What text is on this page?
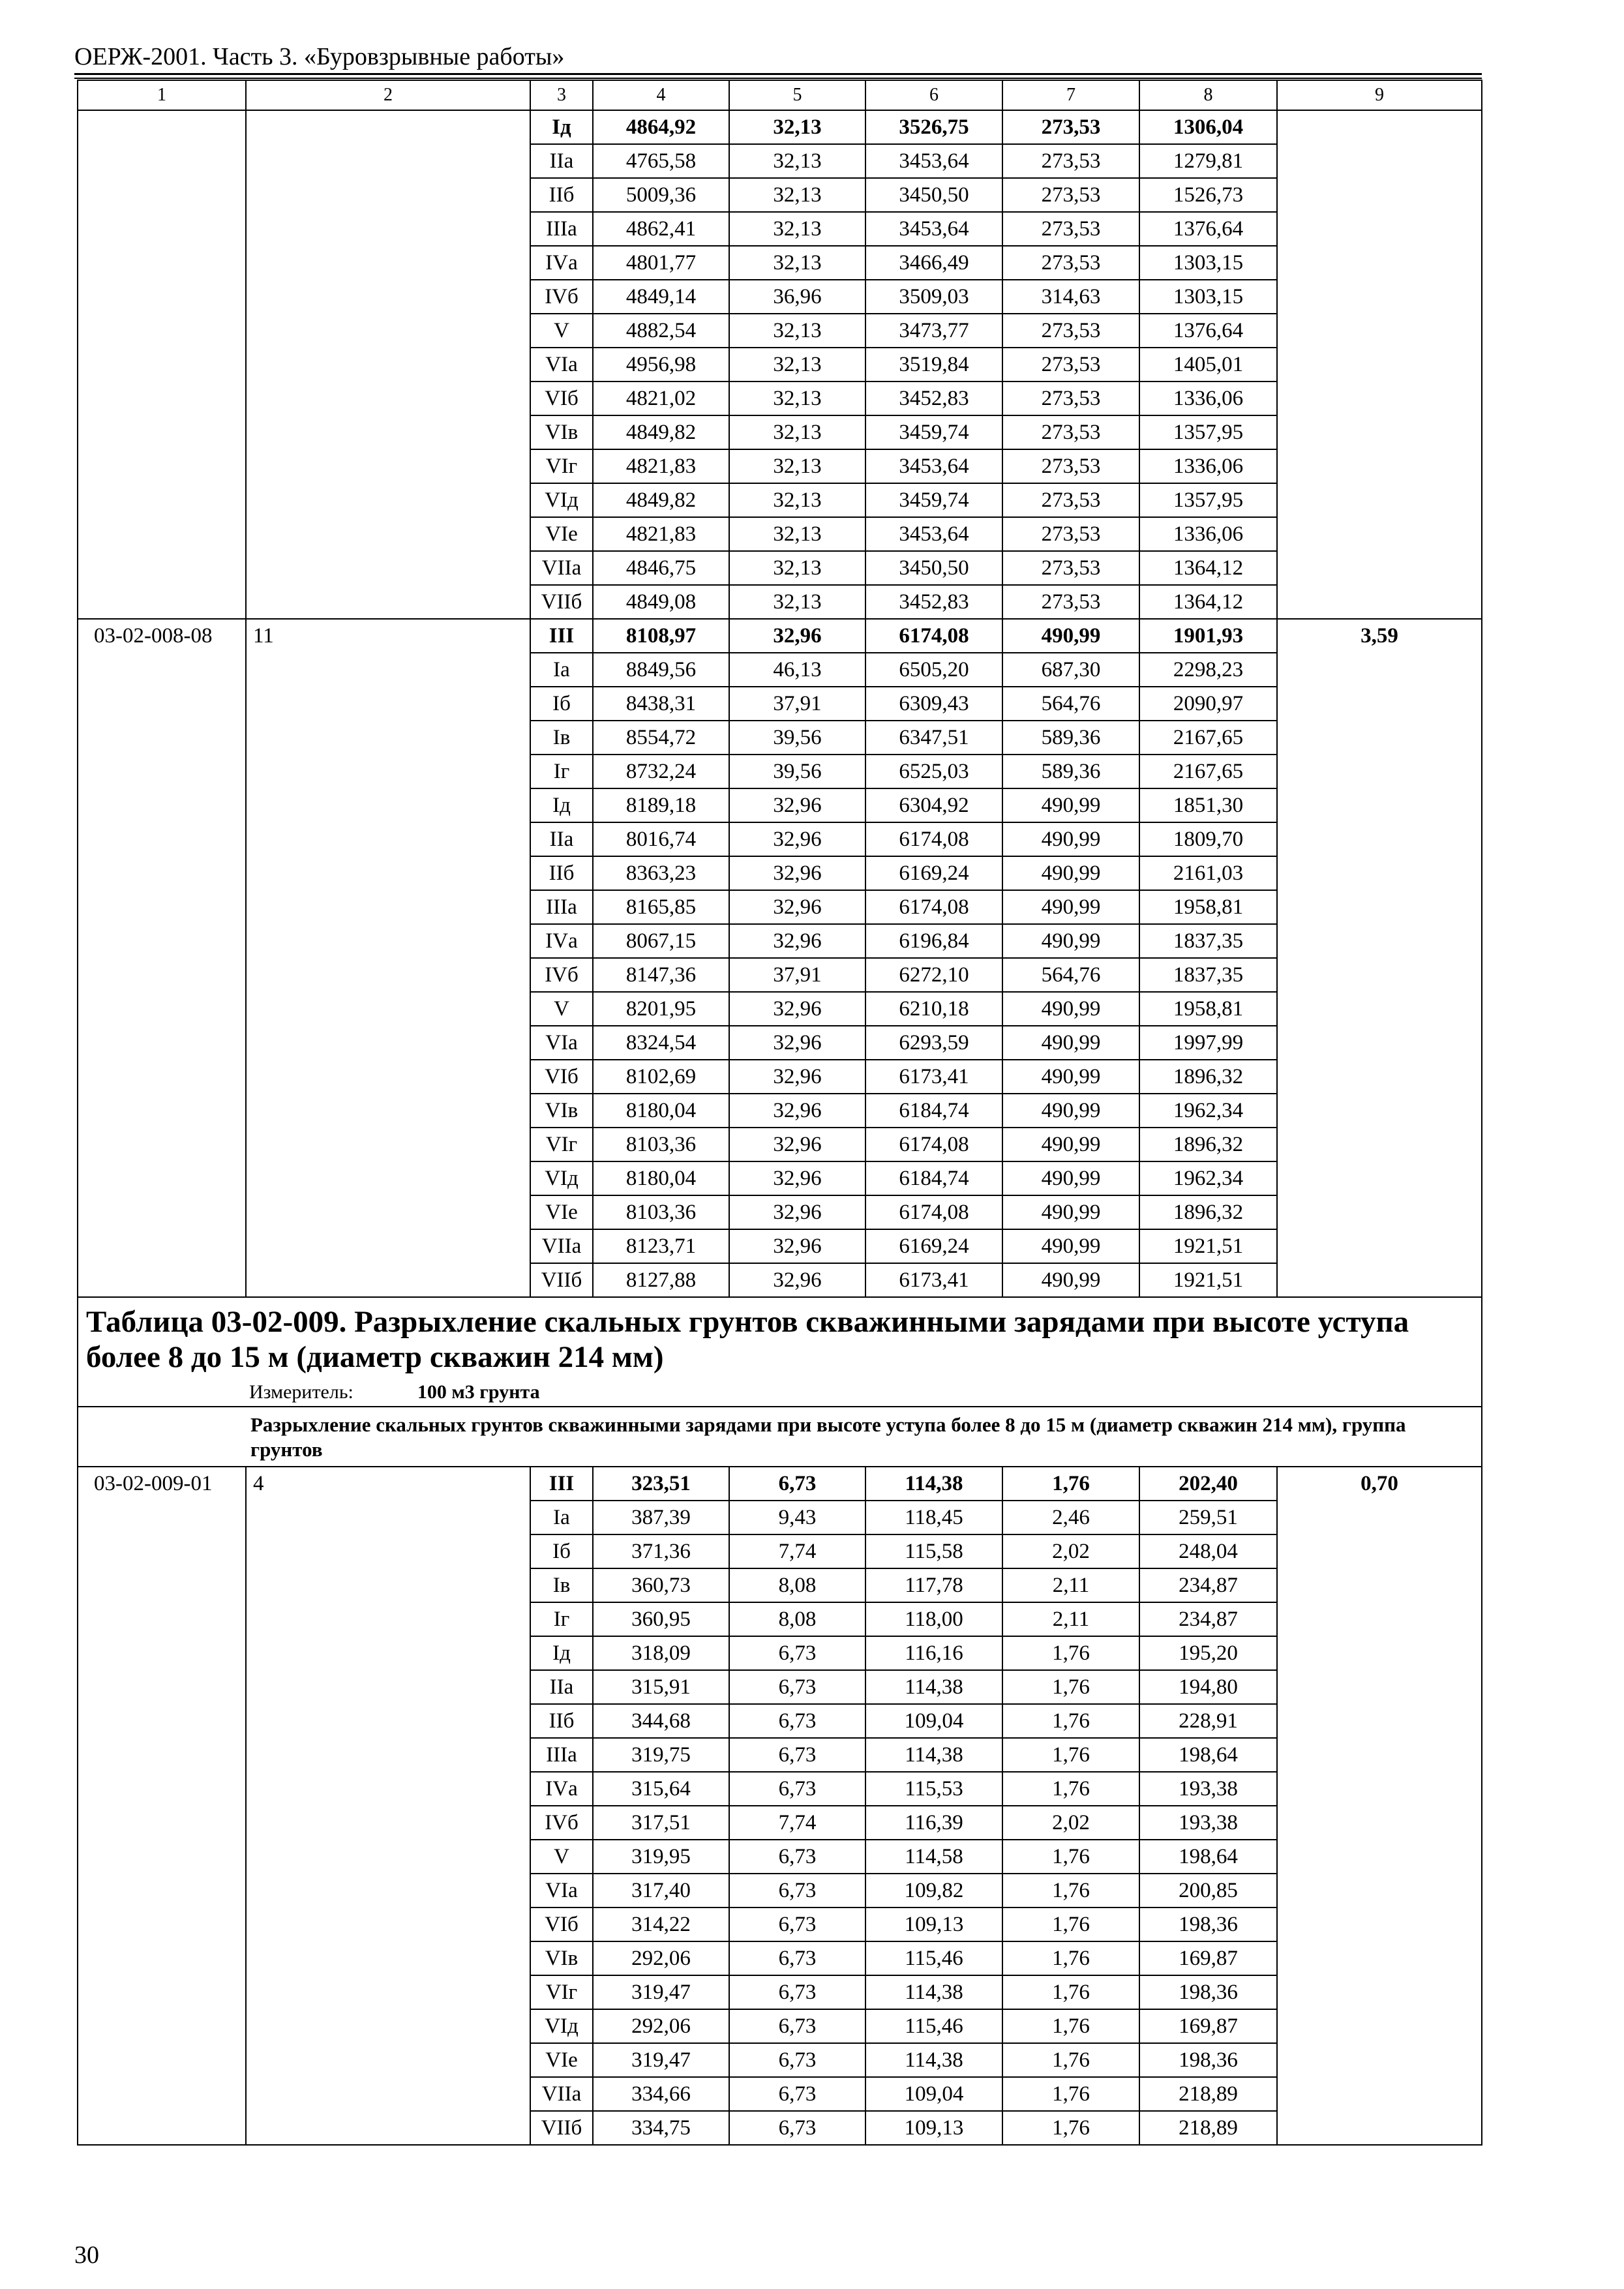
ОЕРЖ-2001. Часть 3. «Буровзрывные работы»
1	2	3	4	5	6	7	8	9
		Iд	4864,92	32,13	3526,75	273,53	1306,04	
		IIа	4765,58	32,13	3453,64	273,53	1279,81	
		IIб	5009,36	32,13	3450,50	273,53	1526,73	
		IIIа	4862,41	32,13	3453,64	273,53	1376,64	
		IVа	4801,77	32,13	3466,49	273,53	1303,15	
		IVб	4849,14	36,96	3509,03	314,63	1303,15	
		V	4882,54	32,13	3473,77	273,53	1376,64	
		VIа	4956,98	32,13	3519,84	273,53	1405,01	
		VIб	4821,02	32,13	3452,83	273,53	1336,06	
		VIв	4849,82	32,13	3459,74	273,53	1357,95	
		VIг	4821,83	32,13	3453,64	273,53	1336,06	
		VIд	4849,82	32,13	3459,74	273,53	1357,95	
		VIе	4821,83	32,13	3453,64	273,53	1336,06	
		VIIа	4846,75	32,13	3450,50	273,53	1364,12	
		VIIб	4849,08	32,13	3452,83	273,53	1364,12	
03-02-008-08	11	III	8108,97	32,96	6174,08	490,99	1901,93	3,59
		Iа	8849,56	46,13	6505,20	687,30	2298,23	
		Iб	8438,31	37,91	6309,43	564,76	2090,97	
		Iв	8554,72	39,56	6347,51	589,36	2167,65	
		Iг	8732,24	39,56	6525,03	589,36	2167,65	
		Iд	8189,18	32,96	6304,92	490,99	1851,30	
		IIа	8016,74	32,96	6174,08	490,99	1809,70	
		IIб	8363,23	32,96	6169,24	490,99	2161,03	
		IIIа	8165,85	32,96	6174,08	490,99	1958,81	
		IVа	8067,15	32,96	6196,84	490,99	1837,35	
		IVб	8147,36	37,91	6272,10	564,76	1837,35	
		V	8201,95	32,96	6210,18	490,99	1958,81	
		VIа	8324,54	32,96	6293,59	490,99	1997,99	
		VIб	8102,69	32,96	6173,41	490,99	1896,32	
		VIв	8180,04	32,96	6184,74	490,99	1962,34	
		VIг	8103,36	32,96	6174,08	490,99	1896,32	
		VIд	8180,04	32,96	6184,74	490,99	1962,34	
		VIе	8103,36	32,96	6174,08	490,99	1896,32	
		VIIа	8123,71	32,96	6169,24	490,99	1921,51	
		VIIб	8127,88	32,96	6173,41	490,99	1921,51	
Таблица 03-02-009. Разрыхление скальных грунтов скважинными зарядами при высоте уступа более 8 до 15 м (диаметр скважин 214 мм)								
Измеритель: 100 м3 грунта								
Разрыхление скальных грунтов скважинными зарядами при высоте уступа более 8 до 15 м (диаметр скважин 214 мм), группа грунтов								
03-02-009-01	4	III	323,51	6,73	114,38	1,76	202,40	0,70
		Iа	387,39	9,43	118,45	2,46	259,51	
		Iб	371,36	7,74	115,58	2,02	248,04	
		Iв	360,73	8,08	117,78	2,11	234,87	
		Iг	360,95	8,08	118,00	2,11	234,87	
		Iд	318,09	6,73	116,16	1,76	195,20	
		IIа	315,91	6,73	114,38	1,76	194,80	
		IIб	344,68	6,73	109,04	1,76	228,91	
		IIIа	319,75	6,73	114,38	1,76	198,64	
		IVа	315,64	6,73	115,53	1,76	193,38	
		IVб	317,51	7,74	116,39	2,02	193,38	
		V	319,95	6,73	114,58	1,76	198,64	
		VIа	317,40	6,73	109,82	1,76	200,85	
		VIб	314,22	6,73	109,13	1,76	198,36	
		VIв	292,06	6,73	115,46	1,76	169,87	
		VIг	319,47	6,73	114,38	1,76	198,36	
		VIд	292,06	6,73	115,46	1,76	169,87	
		VIе	319,47	6,73	114,38	1,76	198,36	
		VIIа	334,66	6,73	109,04	1,76	218,89	
		VIIб	334,75	6,73	109,13	1,76	218,89	
30
